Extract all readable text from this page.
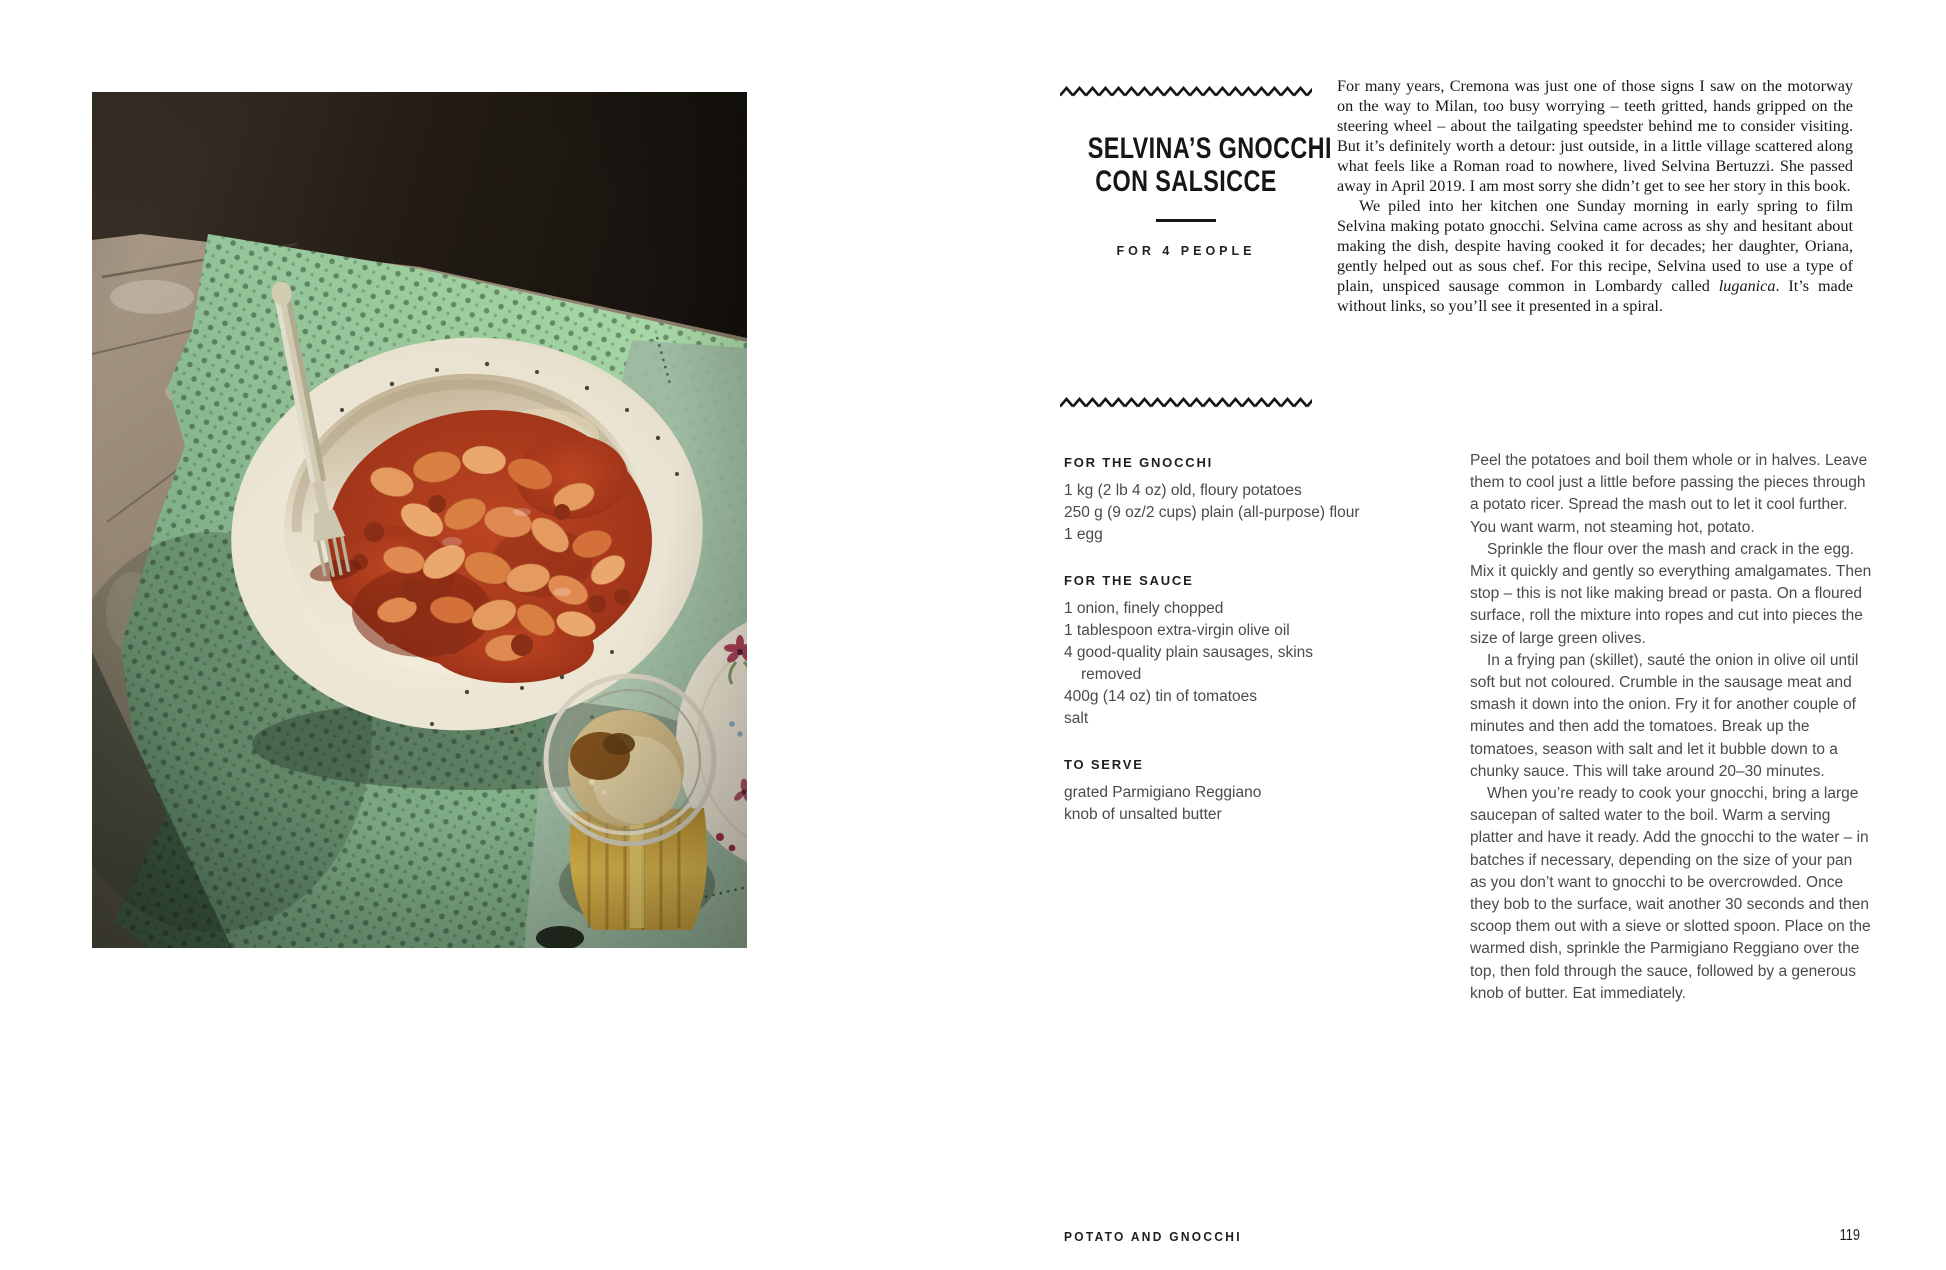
SELVINA’S GNOCCHI
CON SALSICCE
FOR 4 PEOPLE

For many years, Cremona was just one of those signs I saw on the motorway on the way to Milan, too busy worrying – teeth gritted, hands gripped on the steering wheel – about the tailgating speedster behind me to consider visiting. But it’s definitely worth a detour: just outside, in a little village scattered along what feels like a Roman road to nowhere, lived Selvina Bertuzzi. She passed away in April 2019. I am most sorry she didn’t get to see her story in this book.

We piled into her kitchen one Sunday morning in early spring to film Selvina making potato gnocchi. Selvina came across as shy and hesitant about making the dish, despite having cooked it for decades; her daughter, Oriana, gently helped out as sous chef. For this recipe, Selvina used to use a type of plain, unspiced sausage common in Lombardy called luganica. It’s made without links, so you’ll see it presented in a spiral.

FOR THE GNOCCHI
1 kg (2 lb 4 oz) old, floury potatoes
250 g (9 oz/2 cups) plain (all-purpose) flour
1 egg
FOR THE SAUCE
1 onion, finely chopped
1 tablespoon extra-virgin olive oil
4 good-quality plain sausages, skins removed
400g (14 oz) tin of tomatoes
salt
TO SERVE
grated Parmigiano Reggiano
knob of unsalted butter

Peel the potatoes and boil them whole or in halves. Leave them to cool just a little before passing the pieces through a potato ricer. Spread the mash out to let it cool further. You want warm, not steaming hot, potato.

Sprinkle the flour over the mash and crack in the egg. Mix it quickly and gently so everything amalgamates. Then stop – this is not like making bread or pasta. On a floured surface, roll the mixture into ropes and cut into pieces the size of large green olives.

In a frying pan (skillet), sauté the onion in olive oil until soft but not coloured. Crumble in the sausage meat and smash it down into the onion. Fry it for another couple of minutes and then add the tomatoes. Break up the tomatoes, season with salt and let it bubble down to a chunky sauce. This will take around 20–30 minutes.

When you’re ready to cook your gnocchi, bring a large saucepan of salted water to the boil. Warm a serving platter and have it ready. Add the gnocchi to the water – in batches if necessary, depending on the size of your pan as you don’t want to gnocchi to be overcrowded. Once they bob to the surface, wait another 30 seconds and then scoop them out with a sieve or slotted spoon. Place on the warmed dish, sprinkle the Parmigiano Reggiano over the top, then fold through the sauce, followed by a generous knob of butter. Eat immediately.

POTATO AND GNOCCHI	119
